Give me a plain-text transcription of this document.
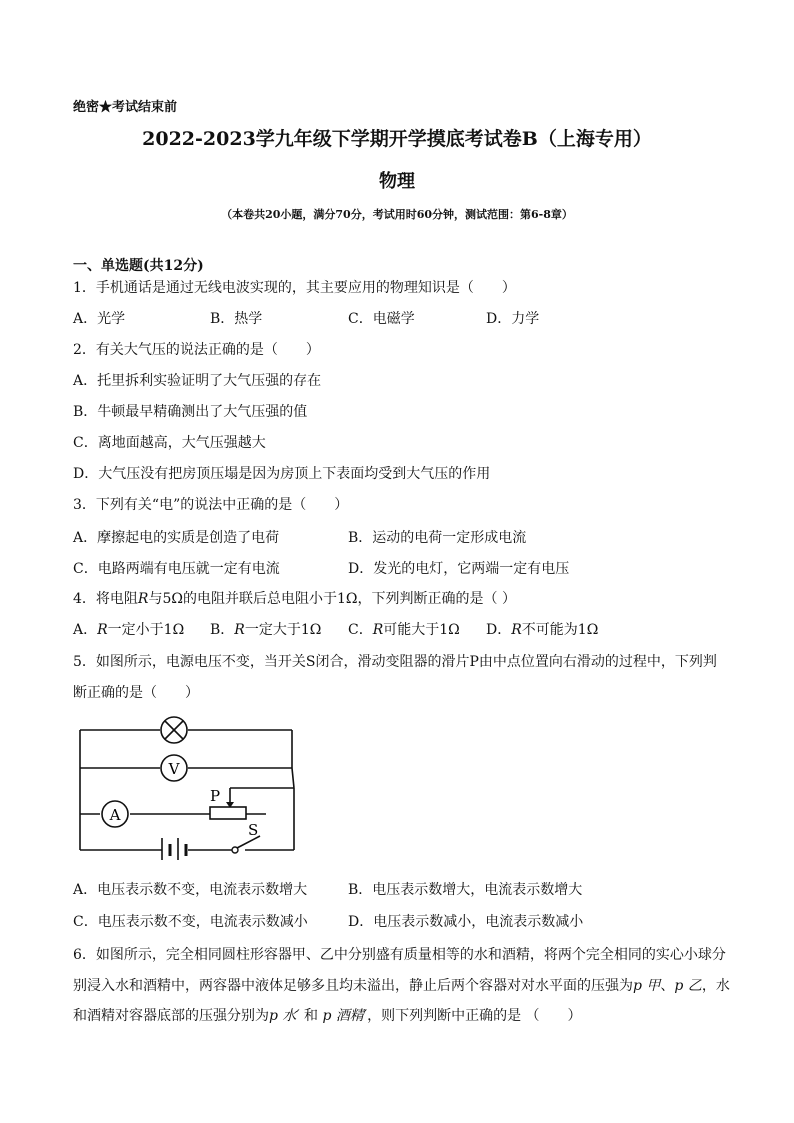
绝密★考试结束前
2022-2023学九年级下学期开学摸底考试卷B（上海专用）
物理
（本卷共20小题，满分70分，考试用时60分钟，测试范围：第6-8章）
一、单选题(共12分)
1．手机通话是通过无线电波实现的，其主要应用的物理知识是（　　）
A．光学	B．热学	C．电磁学	D．力学
2．有关大气压的说法正确的是（　　）
A．托里拆利实验证明了大气压强的存在
B．牛顿最早精确测出了大气压强的值
C．离地面越高，大气压强越大
D．大气压没有把房顶压塌是因为房顶上下表面均受到大气压的作用
3．下列有关“电”的说法中正确的是（　　）
A．摩擦起电的实质是创造了电荷	B．运动的电荷一定形成电流
C．电路两端有电压就一定有电流	D．发光的电灯，它两端一定有电压
4．将电阻R与5Ω的电阻并联后总电阻小于1Ω，下列判断正确的是（ ）
A．R一定小于1Ω B．R一定大于1Ω C．R可能大于1Ω D．R不可能为1Ω
5．如图所示，电源电压不变，当开关S闭合，滑动变阻器的滑片P由中点位置向右滑动的过程中，下列判
断正确的是（　　）
V
A
P
S
A．电压表示数不变，电流表示数增大	B．电压表示数增大，电流表示数增大
C．电压表示数不变，电流表示数减小	D．电压表示数减小，电流表示数减小
6．如图所示，完全相同圆柱形容器甲、乙中分别盛有质量相等的水和酒精，将两个完全相同的实心小球分
别浸入水和酒精中，两容器中液体足够多且均未溢出，静止后两个容器对对水平面的压强为p 甲、p 乙，水
和酒精对容器底部的压强分别为p 水′ 和 p 酒精′，则下列判断中正确的是 （　　）
